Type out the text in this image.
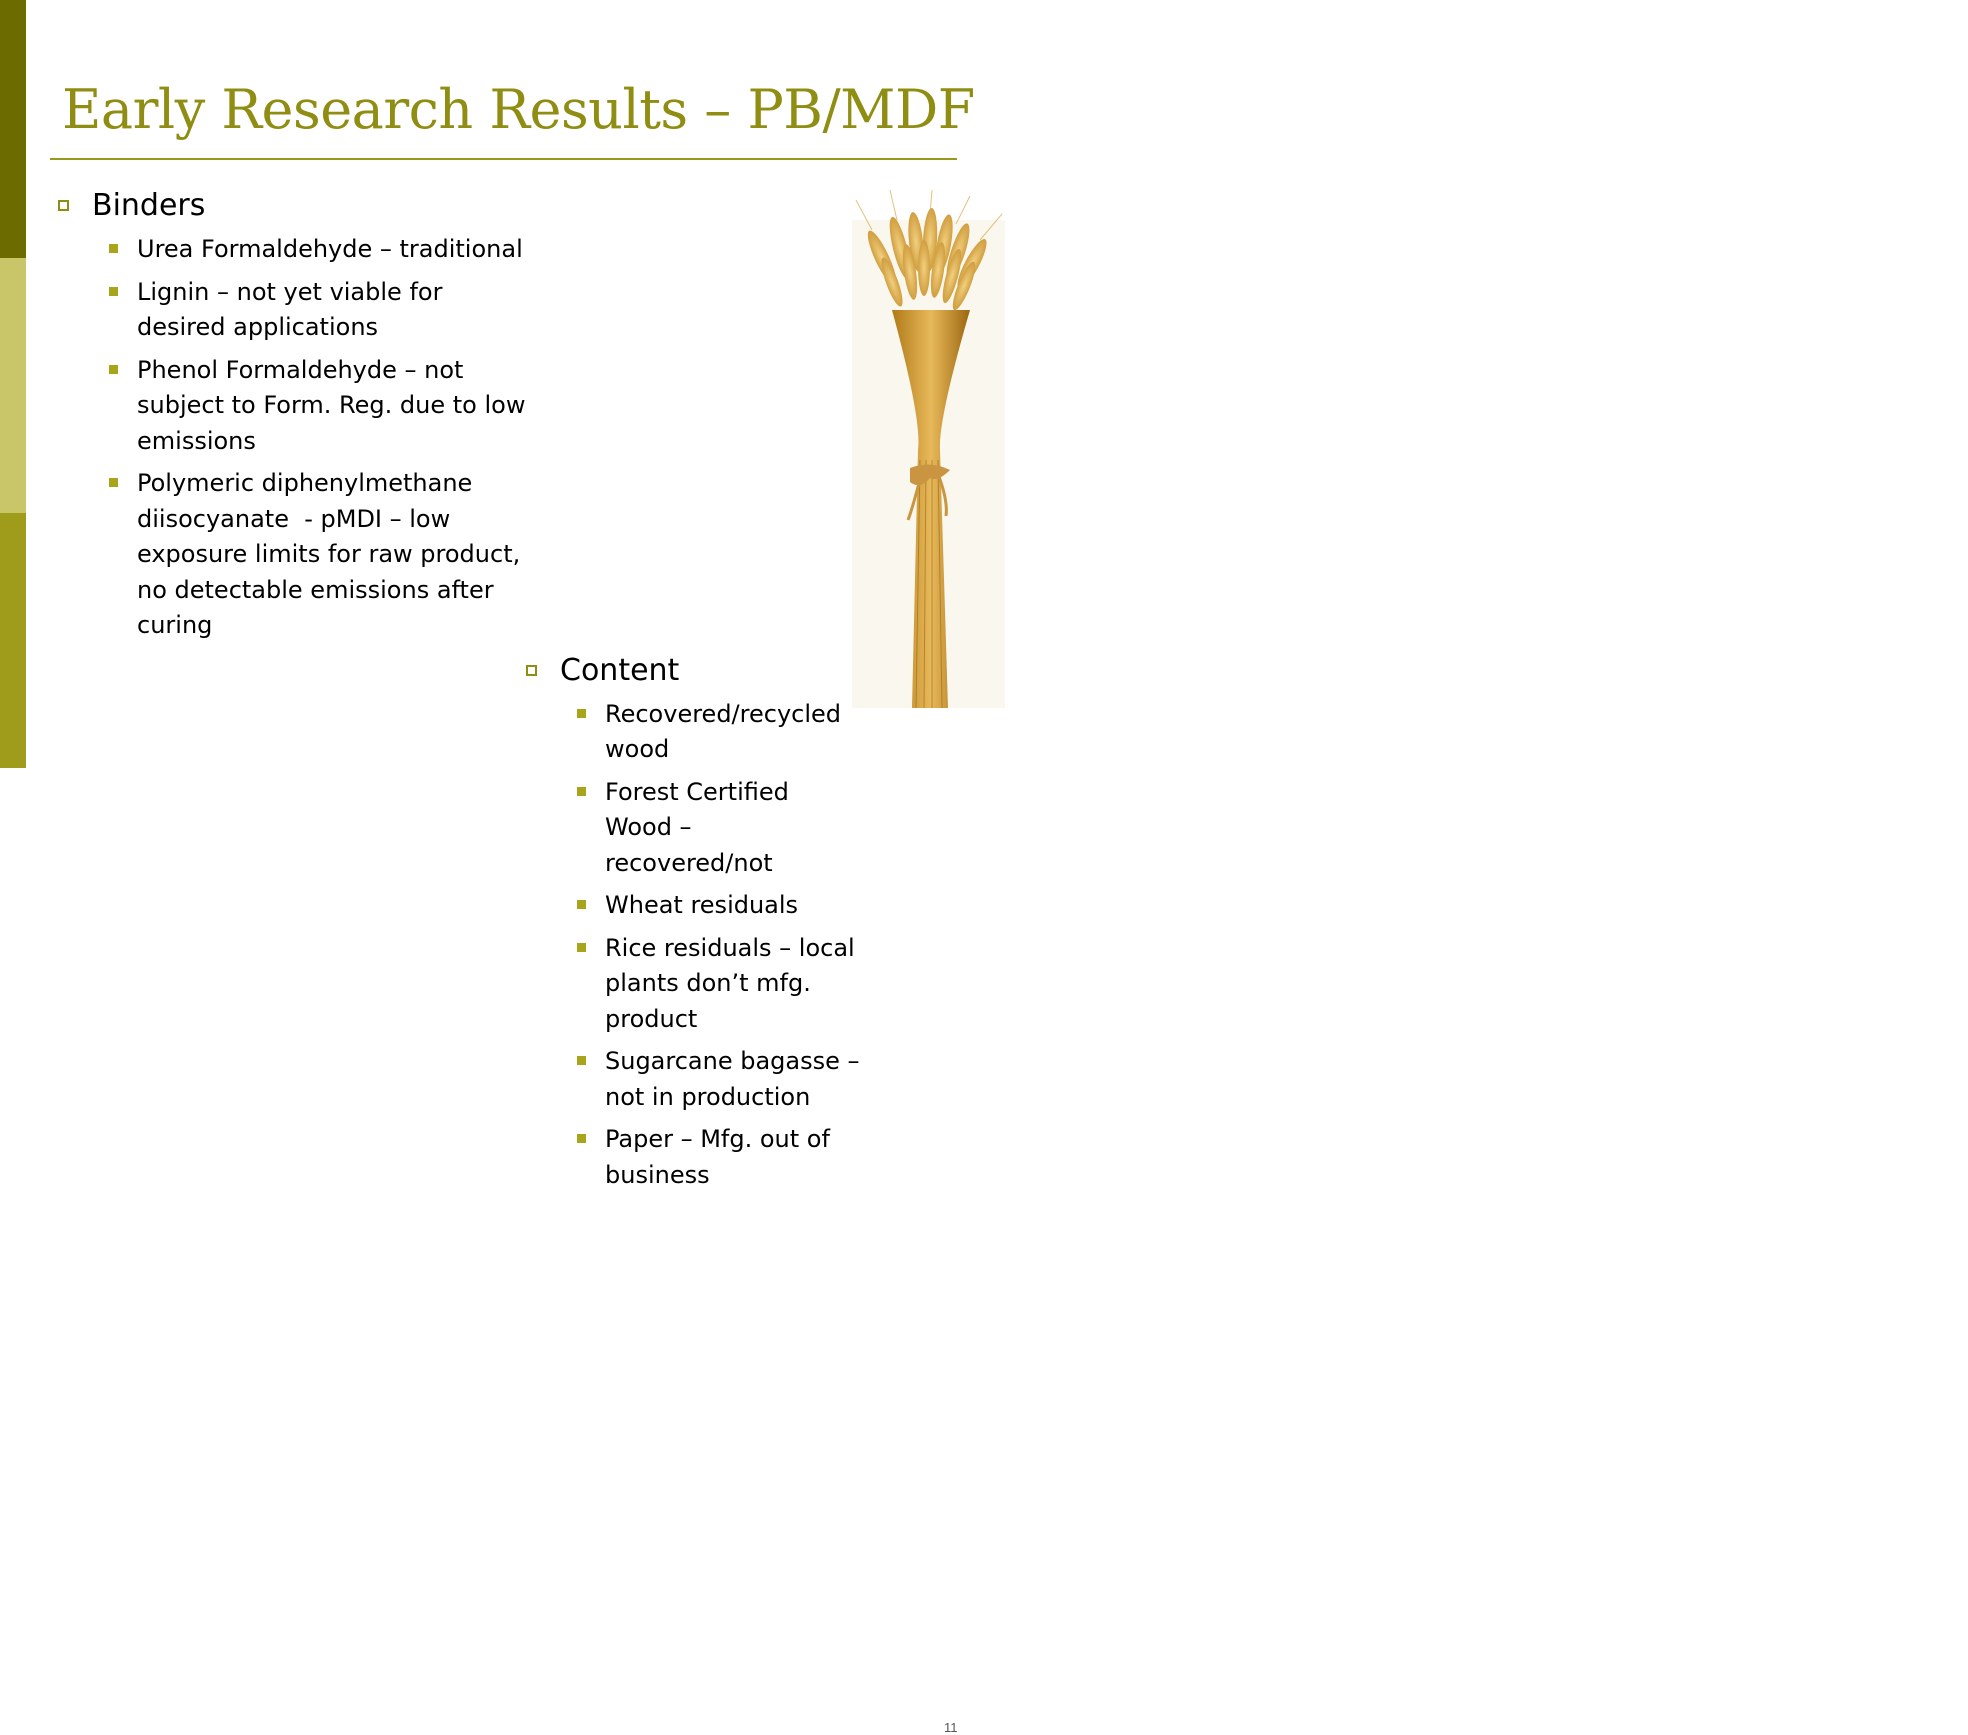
Early Research Results – PB/MDF
Binders
Urea Formaldehyde – traditional
Lignin – not yet viable for desired applications
Phenol Formaldehyde – not subject to Form. Reg. due to low emissions
Polymeric diphenylmethane diisocyanate  - pMDI – low exposure limits for raw product, no detectable emissions after curing
Content
Recovered/recycled wood
Forest Certified Wood – recovered/not
Wheat residuals
Rice residuals – local plants don’t mfg. product
Sugarcane bagasse – not in production
Paper – Mfg. out of business
11
